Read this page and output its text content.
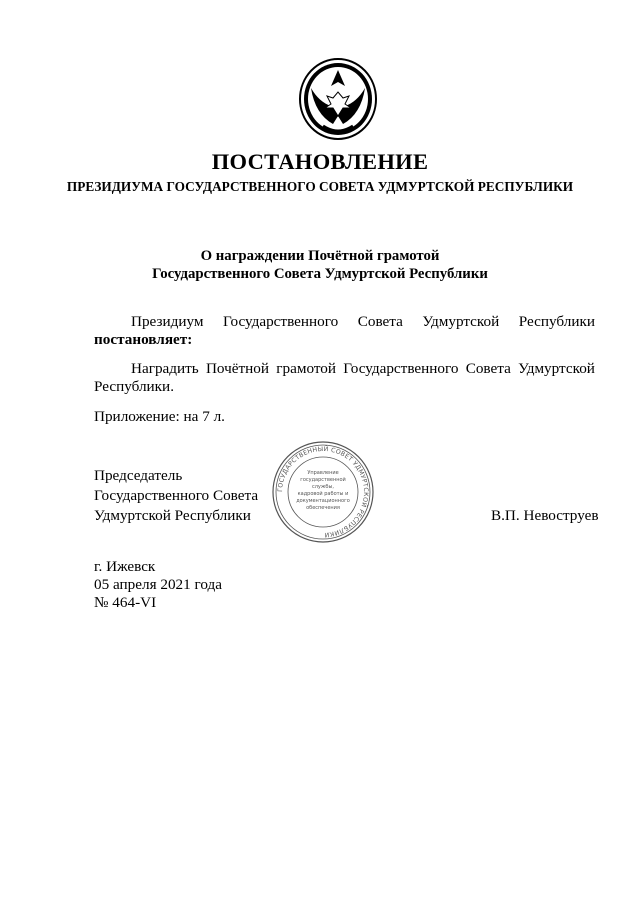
ПОСТАНОВЛЕНИЕ
ПРЕЗИДИУМА ГОСУДАРСТВЕННОГО СОВЕТА УДМУРТСКОЙ РЕСПУБЛИКИ
О награждении Почётной грамотой
Государственного Совета Удмуртской Республики
Президиум Государственного Совета Удмуртской Республики
постановляет:
Наградить Почётной грамотой Государственного Совета Удмуртской
Республики.
Приложение: на 7 л.
Председатель
Государственного Совета
Удмуртской Республики	В.П. Невоструев
ГОСУДАРСТВЕННЫЙ СОВЕТ УДМУРТСКОЙ РЕСПУБЛИКИ
Управление
государственной
службы,
кадровой работы и
документационного
обеспечения
г. Ижевск
05 апреля 2021 года
№ 464-VI
